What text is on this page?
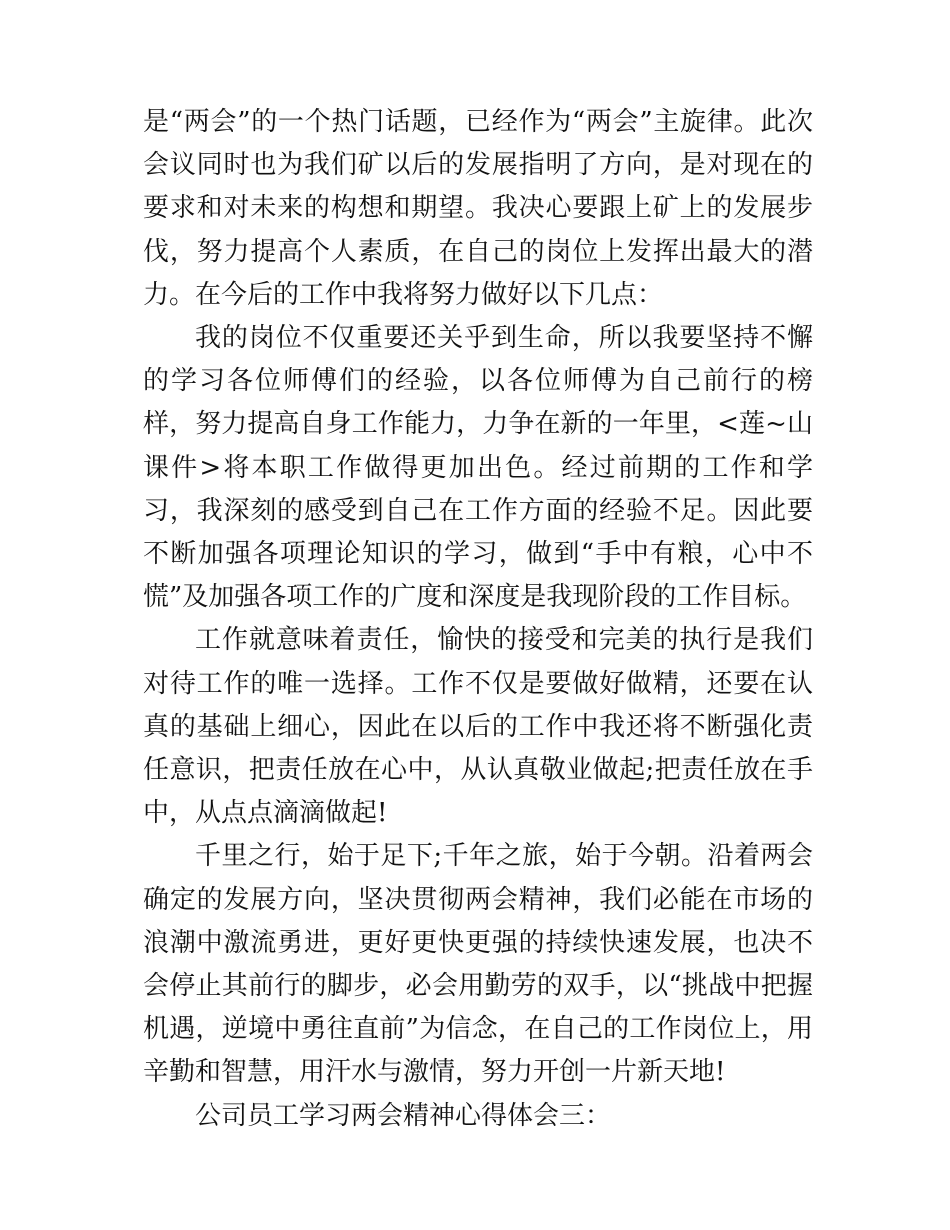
是“两会”的一个热门话题，已经作为“两会”主旋律。此次会议同时也为我们矿以后的发展指明了方向，是对现在的要求和对未来的构想和期望。我决心要跟上矿上的发展步伐，努力提高个人素质，在自己的岗位上发挥出最大的潜力。在今后的工作中我将努力做好以下几点：

我的岗位不仅重要还关乎到生命，所以我要坚持不懈的学习各位师傅们的经验，以各位师傅为自己前行的榜样，努力提高自身工作能力，力争在新的一年里，<莲~山 课件>将本职工作做得更加出色。经过前期的工作和学习，我深刻的感受到自己在工作方面的经验不足。因此要不断加强各项理论知识的学习，做到“手中有粮，心中不慌”及加强各项工作的广度和深度是我现阶段的工作目标。

工作就意味着责任，愉快的接受和完美的执行是我们对待工作的唯一选择。工作不仅是要做好做精，还要在认真的基础上细心，因此在以后的工作中我还将不断强化责任意识，把责任放在心中，从认真敬业做起;把责任放在手中，从点点滴滴做起!

千里之行，始于足下;千年之旅，始于今朝。沿着两会确定的发展方向，坚决贯彻两会精神，我们必能在市场的浪潮中激流勇进，更好更快更强的持续快速发展，也决不会停止其前行的脚步，必会用勤劳的双手，以“挑战中把握机遇，逆境中勇往直前”为信念，在自己的工作岗位上，用辛勤和智慧，用汗水与激情，努力开创一片新天地!

公司员工学习两会精神心得体会三：
